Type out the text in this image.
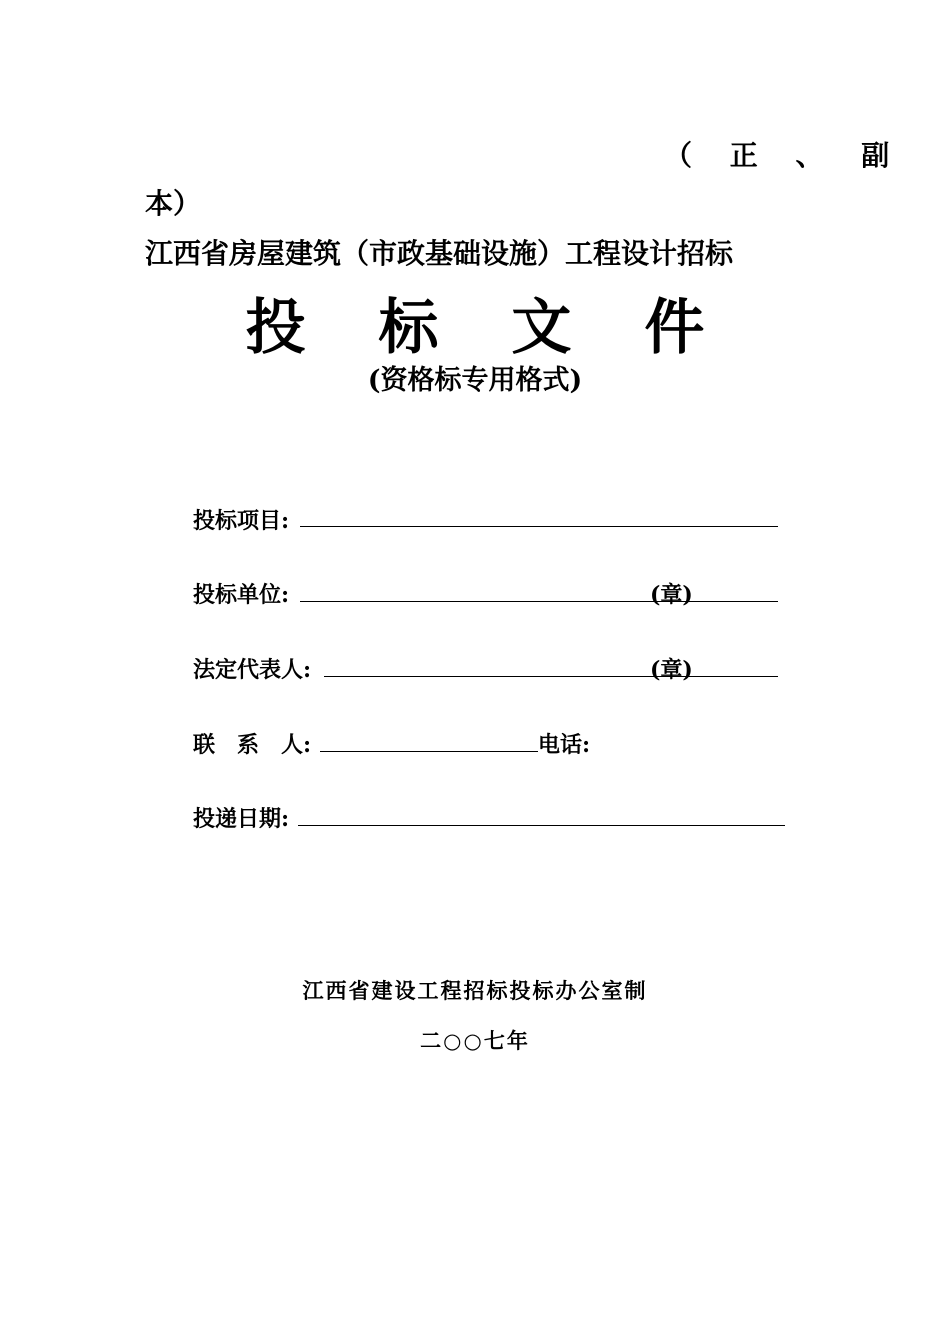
（ 正 、 副
本）
江西省房屋建筑（市政基础设施）工程设计招标
投 标 文 件
(资格标专用格式)
投标项目:
投标单位:	(章)
法定代表人:	(章)
联　系　人:	电话:
投递日期:
江西省建设工程招标投标办公室制
二○○七年
